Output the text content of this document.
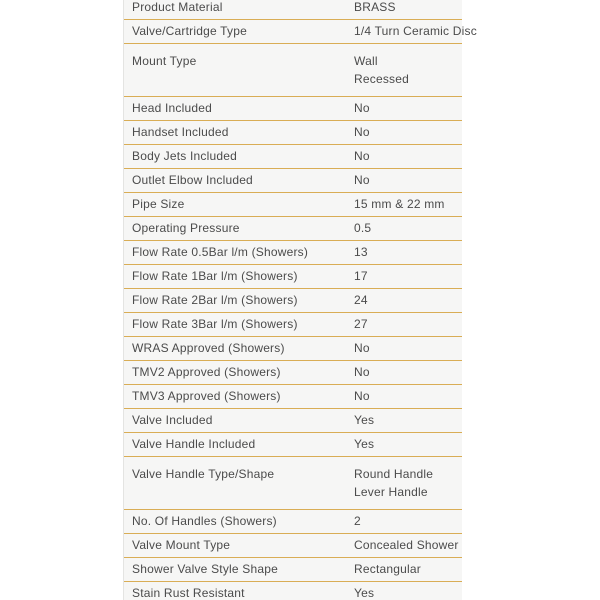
Product Material	BRASS
Valve/Cartridge Type	1/4 Turn Ceramic Disc
Mount Type	Wall
Recessed
Head Included	No
Handset Included	No
Body Jets Included	No
Outlet Elbow Included	No
Pipe Size	15 mm & 22 mm
Operating Pressure	0.5
Flow Rate 0.5Bar l/m (Showers)	13
Flow Rate 1Bar l/m (Showers)	17
Flow Rate 2Bar l/m (Showers)	24
Flow Rate 3Bar l/m (Showers)	27
WRAS Approved (Showers)	No
TMV2 Approved (Showers)	No
TMV3 Approved (Showers)	No
Valve Included	Yes
Valve Handle Included	Yes
Valve Handle Type/Shape	Round Handle
Lever Handle
No. Of Handles (Showers)	2
Valve Mount Type	Concealed Shower
Shower Valve Style Shape	Rectangular
Stain Rust Resistant	Yes
